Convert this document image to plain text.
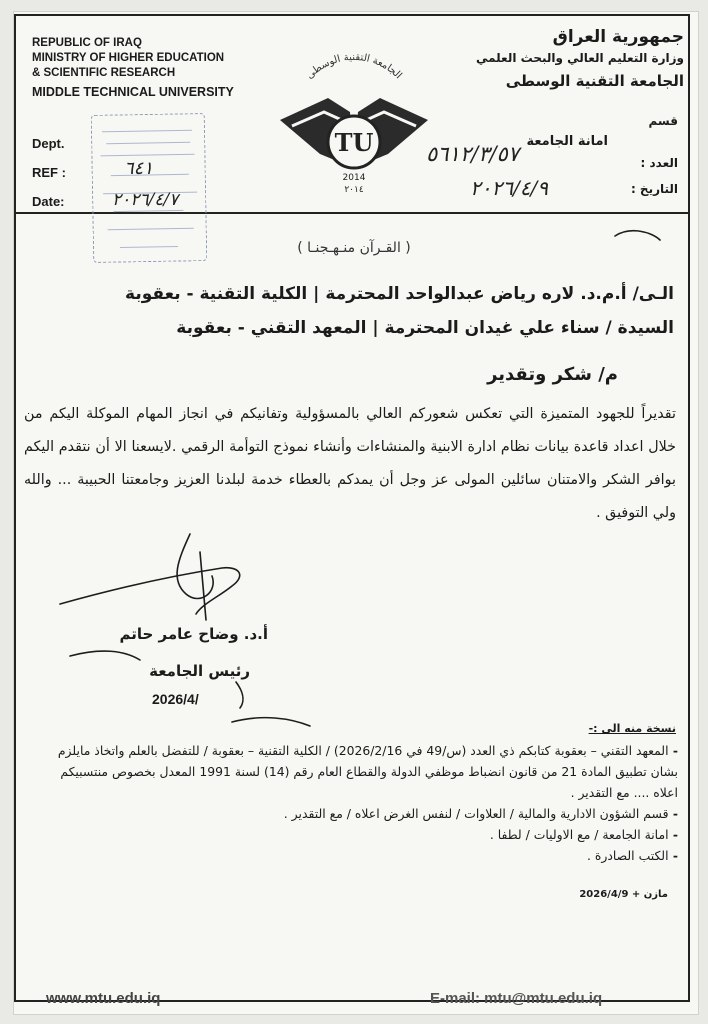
REPUBLIC OF IRAQ
MINISTRY OF HIGHER EDUCATION
& SCIENTIFIC RESEARCH
MIDDLE TECHNICAL UNIVERSITY
Dept.
REF :
Date:
٦٤١
٢٠٢٦/٤/٧
الجامعة التقنية الوسطى
TU
2014
٢٠١٤
جمهورية العراق
وزارة التعليم العالي والبحث العلمي
الجامعة التقنية الوسطى
قسم
امانة الجامعة
العدد :
التاريخ :
٥٦١٢/٣/٥٧
٢٠٢٦/٤/٩
( القـرآن منـهـجنـا )
الـى/ أ.م.د. لاره رياض عبدالواحد المحترمة | الكلية التقنية - بعقوبة
السيدة / سناء علي غيدان المحترمة | المعهد التقني - بعقوبة
م/ شكر وتقدير
تقديراً للجهود المتميزة التي تعكس شعوركم العالي بالمسؤولية وتفانيكم في انجاز المهام الموكلة اليكم من خلال اعداد قاعدة بيانات نظام ادارة الابنية والمنشاءات وأنشاء نموذج التوأمة الرقمي .لايسعنا الا أن نتقدم اليكم بوافر الشكر والامتنان سائلين المولى عز وجل أن يمدكم بالعطاء خدمة لبلدنا العزيز وجامعتنا الحبيبة ... والله ولي التوفيق .
أ.د. وضاح عامر حاتم
رئيس الجامعة
2026/4/
نسخة منه الى :-

- المعهد التقني – بعقوبة كتابكم ذي العدد (س/49 في 2026/2/16) / الكلية التقنية – بعقوبة / للتفضل بالعلم واتخاذ مايلزم بشان تطبيق المادة 21 من قانون انضباط موظفي الدولة والقطاع العام رقم (14) لسنة 1991 المعدل بخصوص منتسبيكم اعلاه .... مع التقدير .

- قسم الشؤون الادارية والمالية / العلاوات / لنفس الغرض اعلاه / مع التقدير .

- امانة الجامعة / مع الاوليات / لطفا .

- الكتب الصادرة .

مازن + 2026/4/9
www.mtu.edu.iq	E-mail: mtu@mtu.edu.iq
